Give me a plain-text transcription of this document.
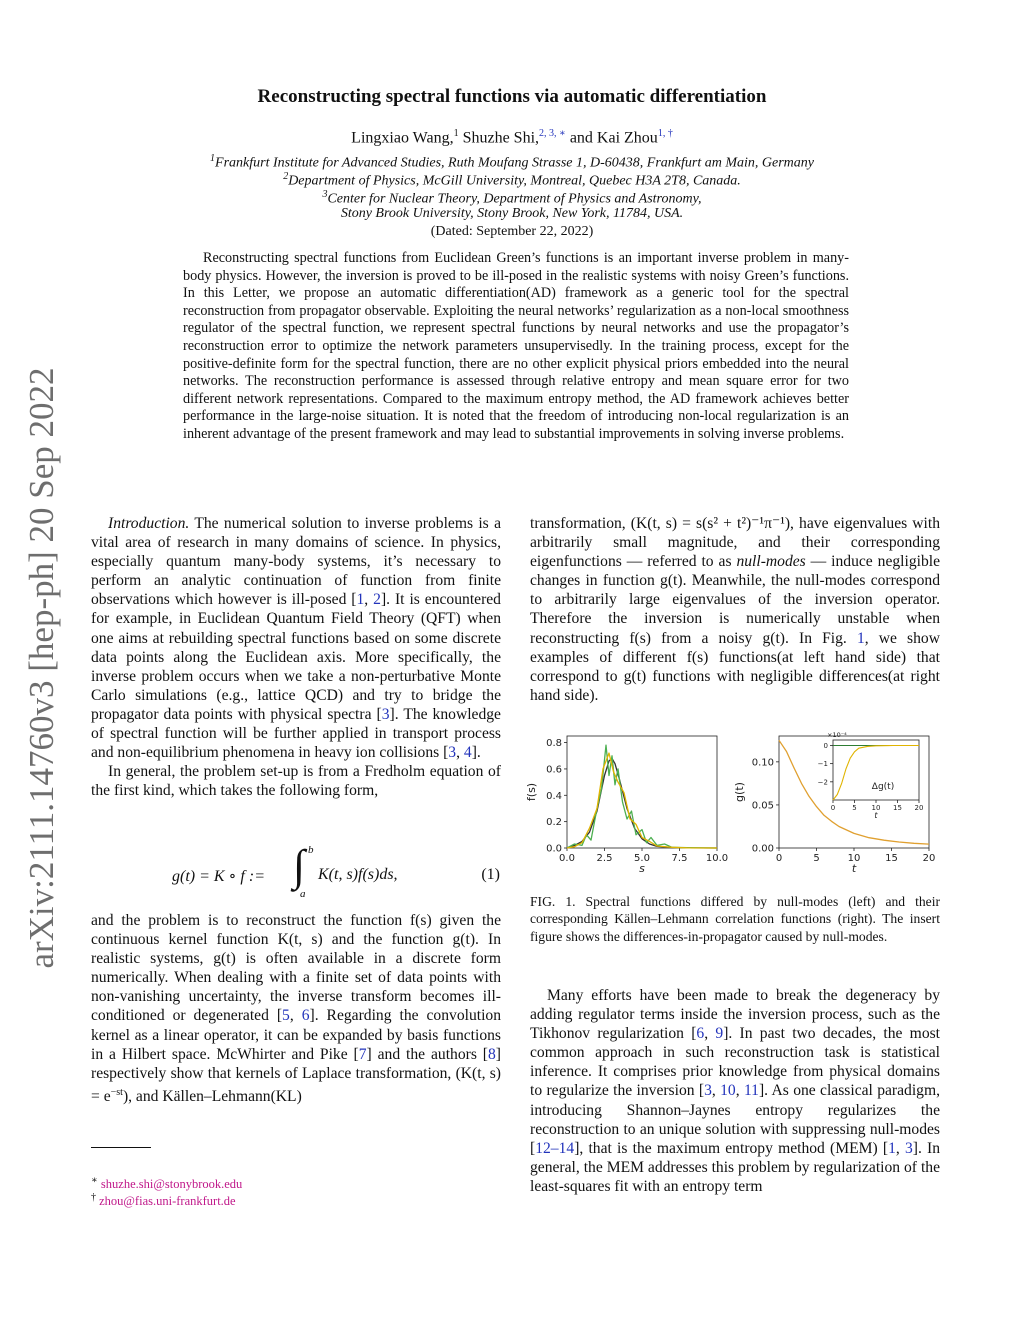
arXiv:2111.14760v3 [hep-ph] 20 Sep 2022
Reconstructing spectral functions via automatic differentiation
Lingxiao Wang,$^1$ Shuzhe Shi,$^{2, 3, ∗}$ and Kai Zhou$^{1, \dagger}$
$^1$Frankfurt Institute for Advanced Studies, Ruth Moufang Strasse 1, D-60438, Frankfurt am Main, Germany
$^2$Department of Physics, McGill University, Montreal, Quebec H3A 2T8, Canada.
$^3$Center for Nuclear Theory, Department of Physics and Astronomy,
Stony Brook University, Stony Brook, New York, 11784, USA.
(Dated: September 22, 2022)

Reconstructing spectral functions from Euclidean Green’s functions is an important inverse problem in many-body physics. However, the inversion is proved to be ill-posed in the realistic systems with noisy Green’s functions. In this Letter, we propose an automatic differentiation(AD) framework as a generic tool for the spectral reconstruction from propagator observable. Exploiting the neural networks’ regularization as a non-local smoothness regulator of the spectral function, we represent spectral functions by neural networks and use the propagator’s reconstruction error to optimize the network parameters unsupervisedly. In the training process, except for the positive-definite form for the spectral function, there are no other explicit physical priors embedded into the neural networks. The reconstruction performance is assessed through relative entropy and mean square error for two different network representations. Compared to the maximum entropy method, the AD framework achieves better performance in the large-noise situation. It is noted that the freedom of introducing non-local regularization is an inherent advantage of the present framework and may lead to substantial improvements in solving inverse problems.

Introduction. The numerical solution to inverse problems is a vital area of research in many domains of science. In physics, especially quantum many-body systems, it’s necessary to perform an analytic continuation of function from finite observations which however is ill-posed [1, 2]. It is encountered for example, in Euclidean Quantum Field Theory (QFT) when one aims at rebuilding spectral functions based on some discrete data points along the Euclidean axis. More specifically, the inverse problem occurs when we take a non-perturbative Monte Carlo simulations (e.g., lattice QCD) and try to bridge the propagator data points with physical spectra [3]. The knowledge of spectral function will be further applied in transport process and non-equilibrium phenomena in heavy ion collisions [3, 4].

In general, the problem set-up is from a Fredholm equation of the first kind, which takes the following form,

g(t) = K ∘ f := ∫ b
a
K(t, s)f(s)ds,	(1)

and the problem is to reconstruct the function f(s) given the continuous kernel function K(t, s) and the function g(t). In realistic systems, g(t) is often available in a discrete form numerically. When dealing with a finite set of data points with non-vanishing uncertainty, the inverse transform becomes ill-conditioned or degenerated [5, 6]. Regarding the convolution kernel as a linear operator, it can be expanded by basis functions in a Hilbert space. McWhirter and Pike [7] and the authors [8] respectively show that kernels of Laplace transformation, (K(t, $s) = e^{-st}$), and Källen–Lehmann(KL)

∗ shuzhe.shi@stonybrook.edu
† zhou@fias.uni-frankfurt.de

transformation, (K(t, s) = s(s² + t²)⁻¹π⁻¹), have eigenvalues with arbitrarily small magnitude, and their corresponding eigenfunctions — referred to as null-modes — induce negligible changes in function g(t). Meanwhile, the null-modes correspond to arbitrarily large eigenvalues of the inversion operator. Therefore the inversion is numerically unstable when reconstructing f(s) from a noisy g(t). In Fig. 1, we show examples of different f(s) functions(at left hand side) that correspond to g(t) functions with negligible differences(at right hand side).

0.0 2.5 5.0 7.5 10.0
0.0
0.2
0.4
0.6
0.8
s
f(s)
0	5	10 15 20
0.00
0.05
0.10
t
g(t)
0 5 10 15 20
0
−1
−2
t
×10⁻⁴
Δg(t)
FIG. 1. Spectral functions differed by null-modes (left) and their corresponding Källen–Lehmann correlation functions (right). The insert figure shows the differences-in-propagator caused by null-modes.

Many efforts have been made to break the degeneracy by adding regulator terms inside the inversion process, such as the Tikhonov regularization [6, 9]. In past two decades, the most common approach in such reconstruction task is statistical inference. It comprises prior knowledge from physical domains to regularize the inversion [3, 10, 11]. As one classical paradigm, introducing Shannon–Jaynes entropy regularizes the reconstruction to an unique solution with suppressing null-modes [12–14], that is the maximum entropy method (MEM) [1, 3]. In general, the MEM addresses this problem by regularization of the least-squares fit with an entropy term
